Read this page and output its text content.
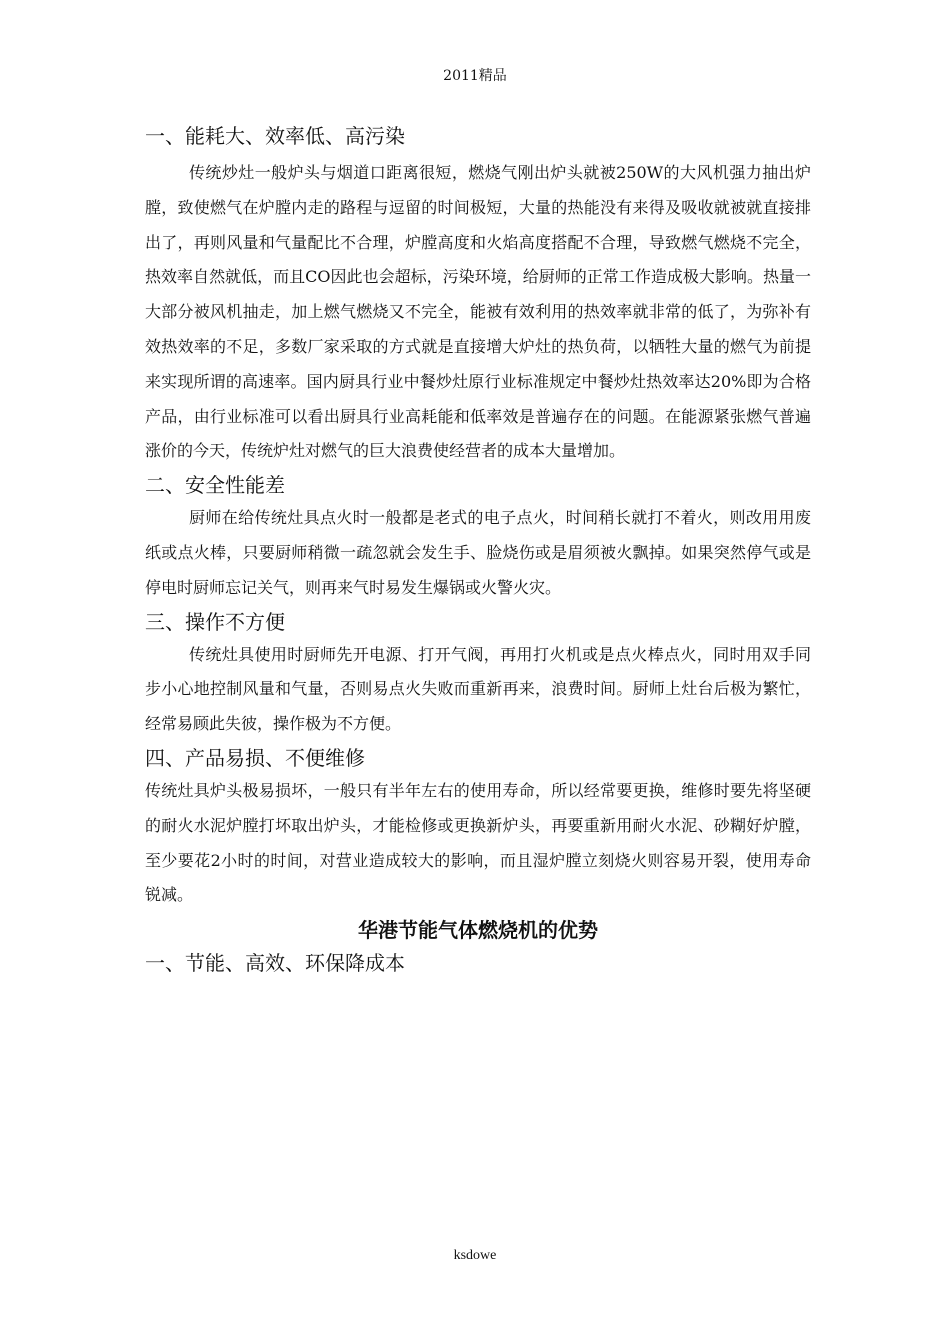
2011精品
一、能耗大、效率低、高污染

传统炒灶一般炉头与烟道口距离很短，燃烧气刚出炉头就被250W的大风机强力抽出炉膛，致使燃气在炉膛内走的路程与逗留的时间极短，大量的热能没有来得及吸收就被就直接排出了，再则风量和气量配比不合理，炉膛高度和火焰高度搭配不合理，导致燃气燃烧不完全，热效率自然就低，而且CO因此也会超标，污染环境，给厨师的正常工作造成极大影响。热量一大部分被风机抽走，加上燃气燃烧又不完全，能被有效利用的热效率就非常的低了，为弥补有效热效率的不足，多数厂家采取的方式就是直接增大炉灶的热负荷，以牺牲大量的燃气为前提来实现所谓的高速率。国内厨具行业中餐炒灶原行业标准规定中餐炒灶热效率达20%即为合格产品，由行业标准可以看出厨具行业高耗能和低率效是普遍存在的问题。在能源紧张燃气普遍涨价的今天，传统炉灶对燃气的巨大浪费使经营者的成本大量增加。

二、安全性能差

厨师在给传统灶具点火时一般都是老式的电子点火，时间稍长就打不着火，则改用用废纸或点火棒，只要厨师稍微一疏忽就会发生手、脸烧伤或是眉须被火飘掉。如果突然停气或是停电时厨师忘记关气，则再来气时易发生爆锅或火警火灾。

三、操作不方便

传统灶具使用时厨师先开电源、打开气阀，再用打火机或是点火棒点火，同时用双手同步小心地控制风量和气量，否则易点火失败而重新再来，浪费时间。厨师上灶台后极为繁忙，经常易顾此失彼，操作极为不方便。

四、产品易损、不便维修

传统灶具炉头极易损坏，一般只有半年左右的使用寿命，所以经常要更换，维修时要先将坚硬的耐火水泥炉膛打坏取出炉头，才能检修或更换新炉头，再要重新用耐火水泥、砂糊好炉膛，至少要花2小时的时间，对营业造成较大的影响，而且湿炉膛立刻烧火则容易开裂，使用寿命锐减。

华港节能气体燃烧机的优势
一、节能、高效、环保降成本
ksdowe
